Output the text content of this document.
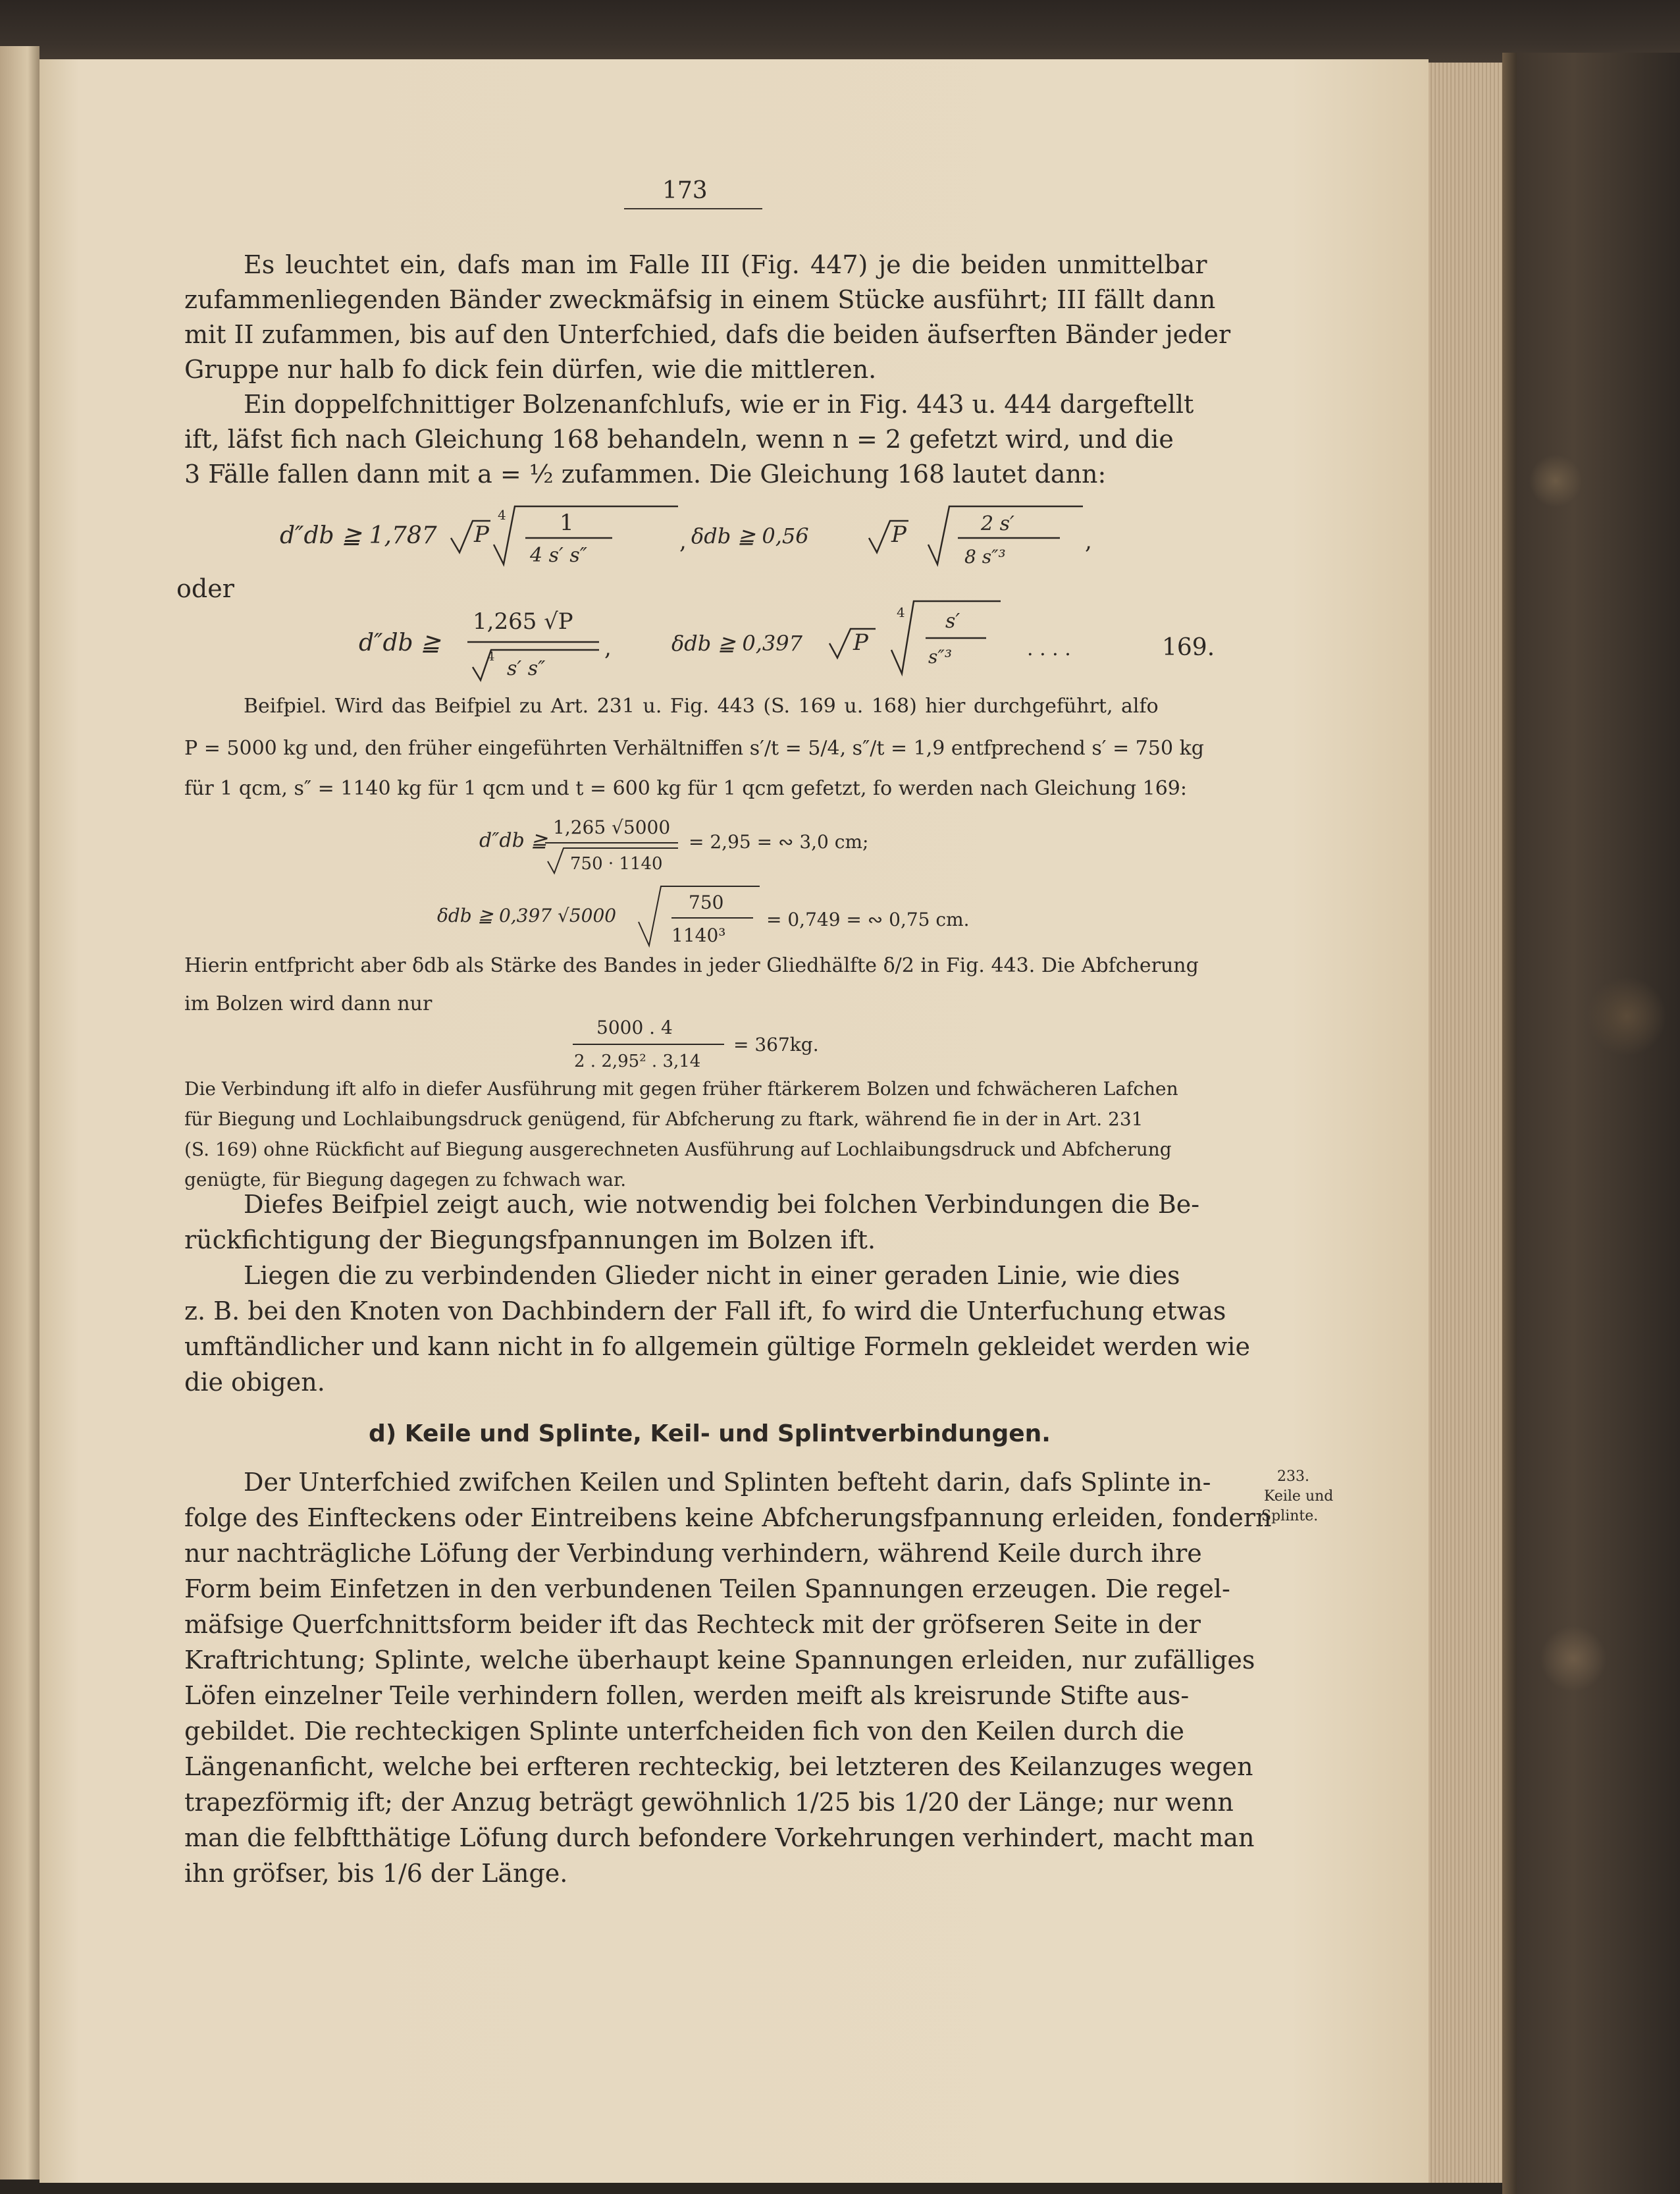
173
Es leuchtet ein, dafs man im Falle III (Fig. 447) je die beiden unmittelbar
zufammenliegenden Bänder zweckmäfsig in einem Stücke ausführt; III fällt dann
mit II zufammen, bis auf den Unterfchied, dafs die beiden äufserften Bänder jeder
Gruppe nur halb fo dick fein dürfen, wie die mittleren.
Ein doppelfchnittiger Bolzenanfchlufs, wie er in Fig. 443 u. 444 dargeftellt
ift, läfst fich nach Gleichung 168 behandeln, wenn n = 2 gefetzt wird, und die
3 Fälle fallen dann mit a = ½ zufammen. Die Gleichung 168 lautet dann:
d″db ≧ 1,787 P
4 1
4 s′ s″
, δdb ≧ 0,56	P	2 s′
8 s″³
,
oder
d″db ≧
1,265 √P
4
s′ s″
,	δdb ≧ 0,397 P
4 s′
s″³	. . . .	169.
Beifpiel. Wird das Beifpiel zu Art. 231 u. Fig. 443 (S. 169 u. 168) hier durchgeführt, alfo
P = 5000 kg und, den früher eingeführten Verhältniffen s′/t = 5/4, s″/t = 1,9 entfprechend s′ = 750 kg
für 1 qcm, s″ = 1140 kg für 1 qcm und t = 600 kg für 1 qcm gefetzt, fo werden nach Gleichung 169:
d″db ≧
1,265 √5000
750 · 1140
= 2,95 = ∾ 3,0 cm;
δdb ≧ 0,397 √5000
750
1140³
= 0,749 = ∾ 0,75 cm.
Hierin entfpricht aber δdb als Stärke des Bandes in jeder Gliedhälfte δ/2 in Fig. 443. Die Abfcherung
im Bolzen wird dann nur
5000 . 4
2 . 2,95² . 3,14
= 367kg.
Die Verbindung ift alfo in diefer Ausführung mit gegen früher ftärkerem Bolzen und fchwächeren Lafchen
für Biegung und Lochlaibungsdruck genügend, für Abfcherung zu ftark, während fie in der in Art. 231
(S. 169) ohne Rückficht auf Biegung ausgerechneten Ausführung auf Lochlaibungsdruck und Abfcherung
genügte, für Biegung dagegen zu fchwach war.
Diefes Beifpiel zeigt auch, wie notwendig bei folchen Verbindungen die Be-
rückfichtigung der Biegungsfpannungen im Bolzen ift.
Liegen die zu verbindenden Glieder nicht in einer geraden Linie, wie dies
z. B. bei den Knoten von Dachbindern der Fall ift, fo wird die Unterfuchung etwas
umftändlicher und kann nicht in fo allgemein gültige Formeln gekleidet werden wie
die obigen.
d) Keile und Splinte, Keil- und Splintverbindungen.
Der Unterfchied zwifchen Keilen und Splinten befteht darin, dafs Splinte in-
folge des Einfteckens oder Eintreibens keine Abfcherungsfpannung erleiden, fondern
nur nachträgliche Löfung der Verbindung verhindern, während Keile durch ihre
Form beim Einfetzen in den verbundenen Teilen Spannungen erzeugen. Die regel-
mäfsige Querfchnittsform beider ift das Rechteck mit der gröfseren Seite in der
Kraftrichtung; Splinte, welche überhaupt keine Spannungen erleiden, nur zufälliges
Löfen einzelner Teile verhindern follen, werden meift als kreisrunde Stifte aus-
gebildet. Die rechteckigen Splinte unterfcheiden fich von den Keilen durch die
Längenanficht, welche bei erfteren rechteckig, bei letzteren des Keilanzuges wegen
trapezförmig ift; der Anzug beträgt gewöhnlich 1/25 bis 1/20 der Länge; nur wenn
man die felbftthätige Löfung durch befondere Vorkehrungen verhindert, macht man
ihn gröfser, bis 1/6 der Länge.
233.
Keile und
Splinte.
